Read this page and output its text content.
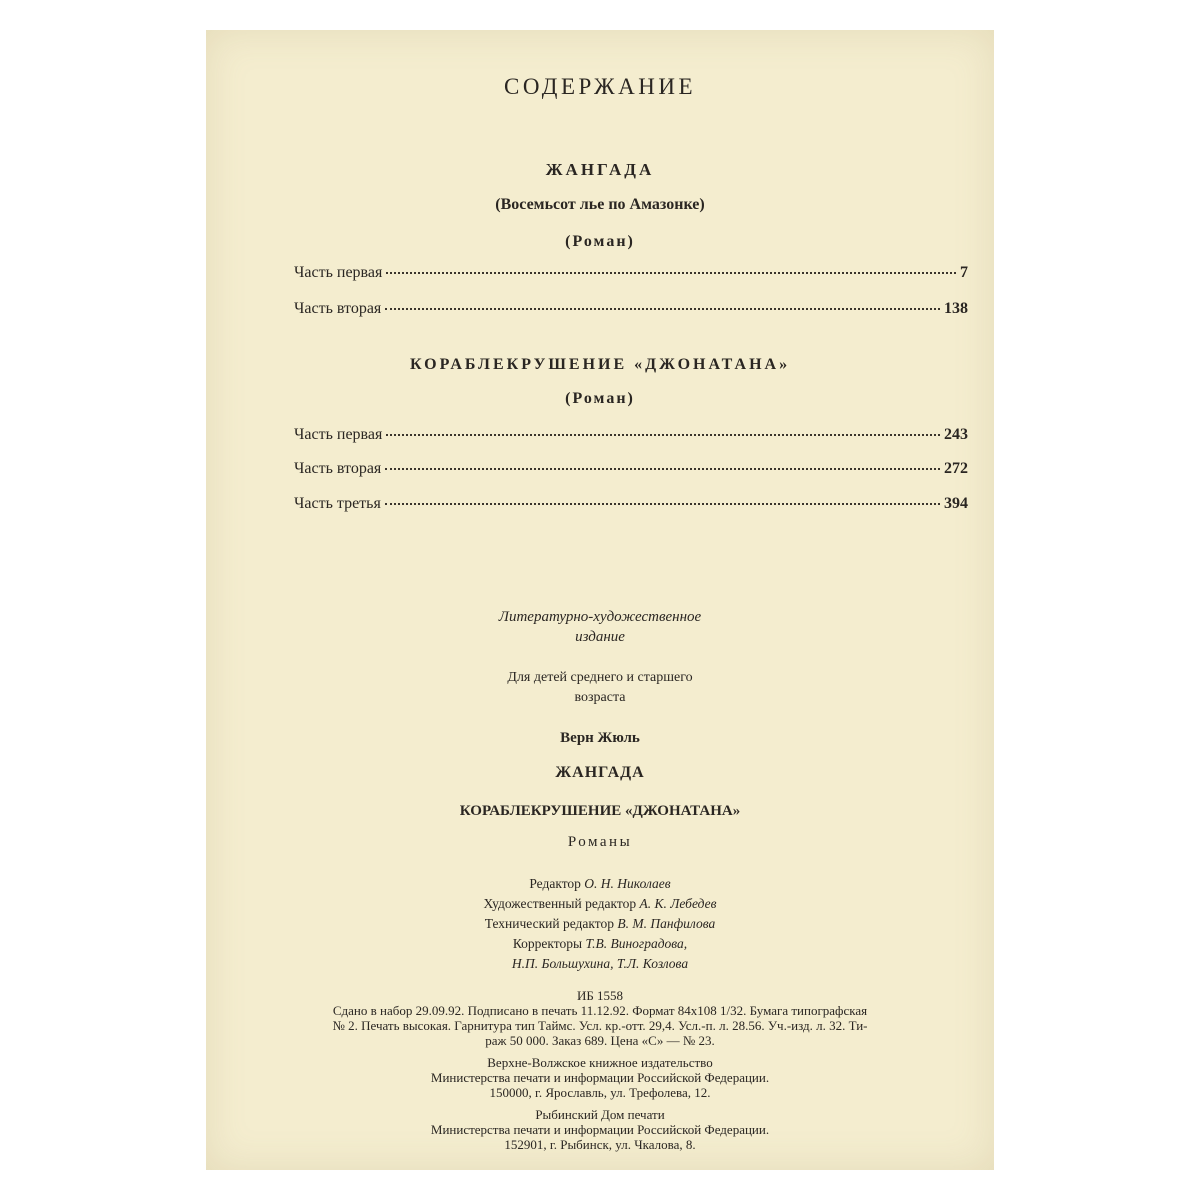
СОДЕРЖАНИЕ
ЖАНГАДА
(Восемьсот лье по Амазонке)
(Роман)
Часть первая	7
Часть вторая	138
КОРАБЛЕКРУШЕНИЕ «ДЖОНАТАНА»
(Роман)
Часть первая	243
Часть вторая	272
Часть третья	394
Литературно-художественное
издание
Для детей среднего и старшего
возраста
Верн Жюль
ЖАНГАДА
КОРАБЛЕКРУШЕНИЕ «ДЖОНАТАНА»
Романы
Редактор О. Н. Николаев
Художественный редактор А. К. Лебедев
Технический редактор В. М. Панфилова
Корректоры Т.В. Виноградова,
Н.П. Большухина, Т.Л. Козлова
ИБ 1558
Сдано в набор 29.09.92. Подписано в печать 11.12.92. Формат 84х108 1/32. Бумага типографская
№ 2. Печать высокая. Гарнитура тип Таймс. Усл. кр.-отт. 29,4. Усл.-п. л. 28.56. Уч.-изд. л. 32. Ти-
раж 50 000. Заказ 689. Цена «С» — № 23.
Верхне-Волжское книжное издательство
Министерства печати и информации Российской Федерации.
150000, г. Ярославль, ул. Трефолева, 12.
Рыбинский Дом печати
Министерства печати и информации Российской Федерации.
152901, г. Рыбинск, ул. Чкалова, 8.
